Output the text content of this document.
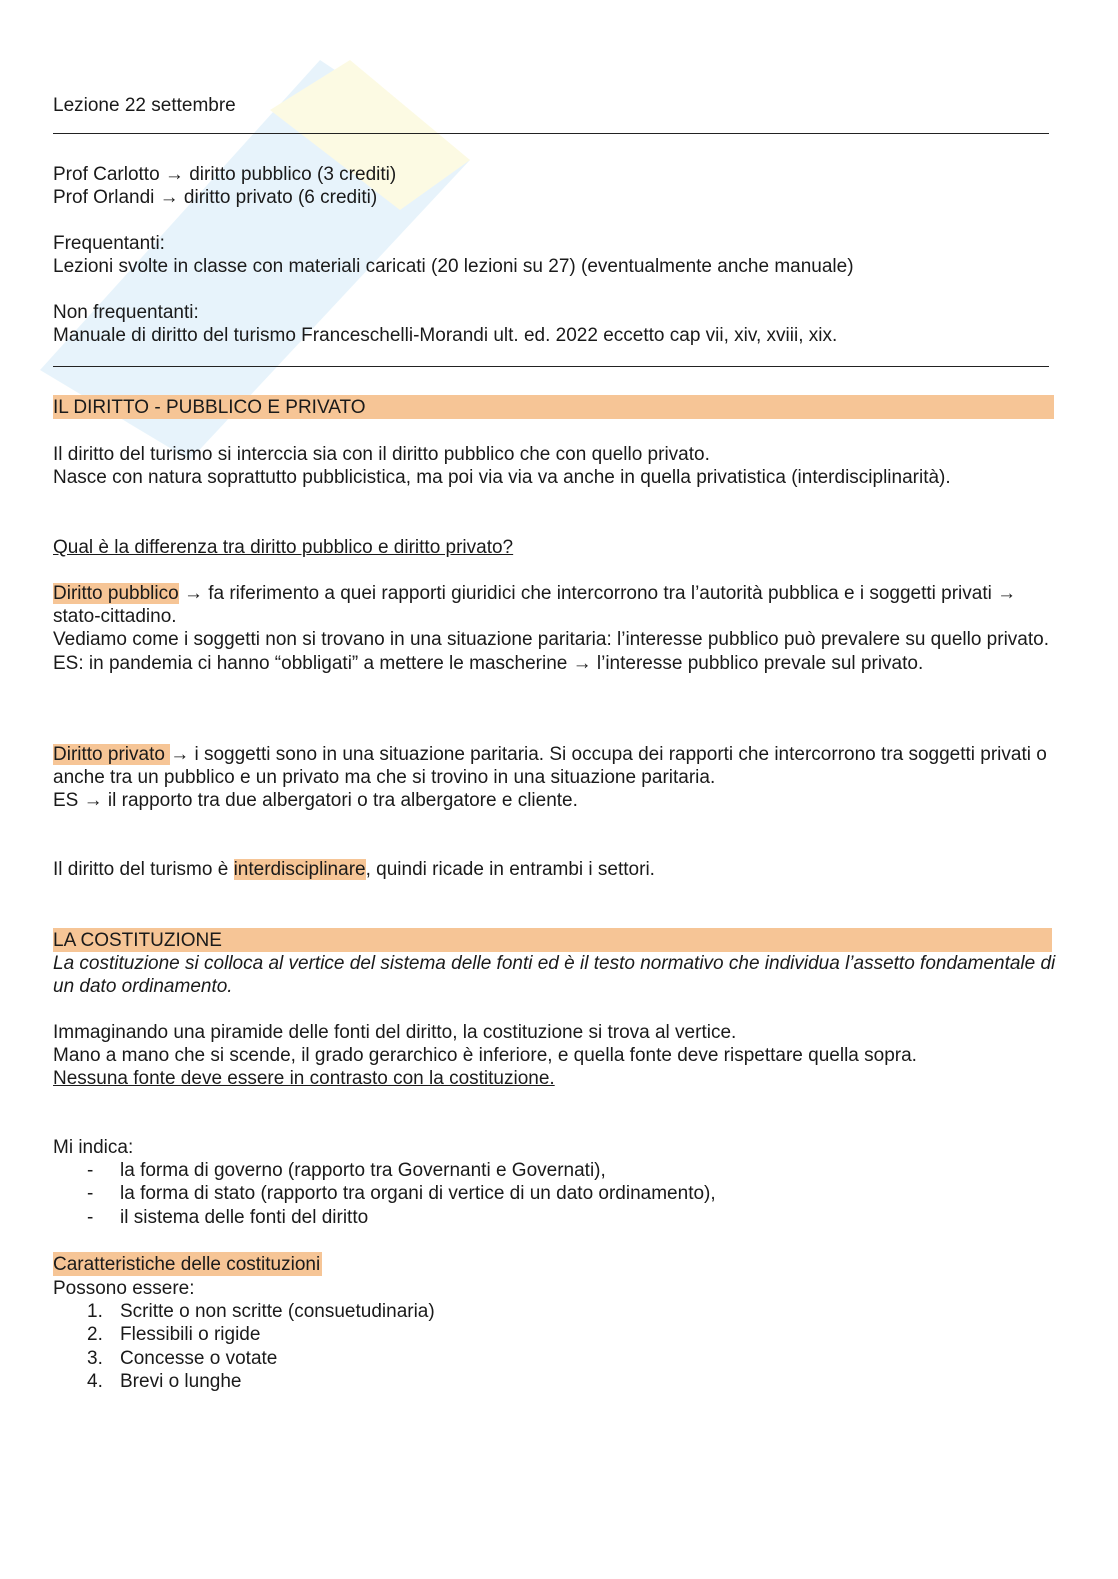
Lezione 22 settembre
Prof Carlotto → diritto pubblico (3 crediti)
Prof Orlandi → diritto privato (6 crediti)
Frequentanti:
Lezioni svolte in classe con materiali caricati (20 lezioni su 27) (eventualmente anche manuale)
Non frequentanti:
Manuale di diritto del turismo Franceschelli-Morandi ult. ed. 2022 eccetto cap vii, xiv, xviii, xix.
IL DIRITTO - PUBBLICO E PRIVATO
Il diritto del turismo si interccia sia con il diritto pubblico che con quello privato.
Nasce con natura soprattutto pubblicistica, ma poi via via va anche in quella privatistica (interdisciplinarità).
Qual è la differenza tra diritto pubblico e diritto privato?
Diritto pubblico → fa riferimento a quei rapporti giuridici che intercorrono tra l’autorità pubblica e i soggetti privati → stato-cittadino.
Vediamo come i soggetti non si trovano in una situazione paritaria: l’interesse pubblico può prevalere su quello privato.
ES: in pandemia ci hanno “obbligati” a mettere le mascherine → l’interesse pubblico prevale sul privato.
Diritto privato → i soggetti sono in una situazione paritaria. Si occupa dei rapporti che intercorrono tra soggetti privati o anche tra un pubblico e un privato ma che si trovino in una situazione paritaria.
ES → il rapporto tra due albergatori o tra albergatore e cliente.
Il diritto del turismo è interdisciplinare, quindi ricade in entrambi i settori.
LA COSTITUZIONE
La costituzione si colloca al vertice del sistema delle fonti ed è il testo normativo che individua l’assetto fondamentale di un dato ordinamento.
Immaginando una piramide delle fonti del diritto, la costituzione si trova al vertice.
Mano a mano che si scende, il grado gerarchico è inferiore, e quella fonte deve rispettare quella sopra.
Nessuna fonte deve essere in contrasto con la costituzione.
Mi indica:
- la forma di governo (rapporto tra Governanti e Governati),
- la forma di stato (rapporto tra organi di vertice di un dato ordinamento),
- il sistema delle fonti del diritto
Caratteristiche delle costituzioni
Possono essere:
1. Scritte o non scritte (consuetudinaria)
2. Flessibili o rigide
3. Concesse o votate
4. Brevi o lunghe
